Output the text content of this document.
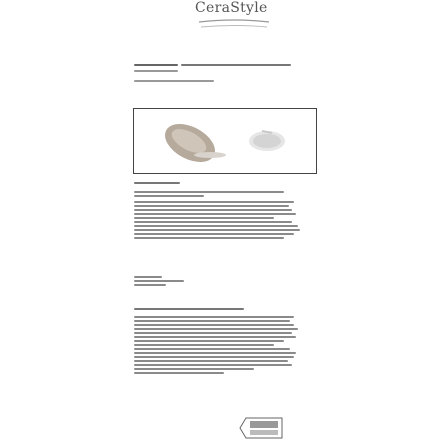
CeraStyle
